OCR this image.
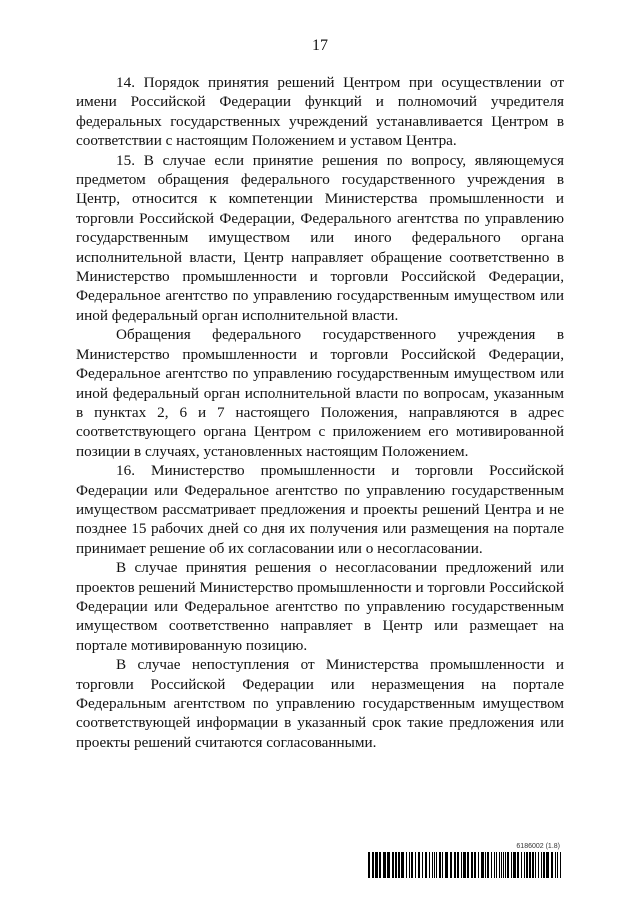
17

14. Порядок принятия решений Центром при осуществлении от имени Российской Федерации функций и полномочий учредителя федеральных государственных учреждений устанавливается Центром в соответствии с настоящим Положением и уставом Центра.

15. В случае если принятие решения по вопросу, являющемуся предметом обращения федерального государственного учреждения в Центр, относится к компетенции Министерства промышленности и торговли Российской Федерации, Федерального агентства по управлению государственным имуществом или иного федерального органа исполнительной власти, Центр направляет обращение соответственно в Министерство промышленности и торговли Российской Федерации, Федеральное агентство по управлению государственным имуществом или иной федеральный орган исполнительной власти.

Обращения федерального государственного учреждения в Министерство промышленности и торговли Российской Федерации, Федеральное агентство по управлению государственным имуществом или иной федеральный орган исполнительной власти по вопросам, указанным в пунктах 2, 6 и 7 настоящего Положения, направляются в адрес соответствующего органа Центром с приложением его мотивированной позиции в случаях, установленных настоящим Положением.

16. Министерство промышленности и торговли Российской Федерации или Федеральное агентство по управлению государственным имуществом рассматривает предложения и проекты решений Центра и не позднее 15 рабочих дней со дня их получения или размещения на портале принимает решение об их согласовании или о несогласовании.

В случае принятия решения о несогласовании предложений или проектов решений Министерство промышленности и торговли Российской Федерации или Федеральное агентство по управлению государственным имуществом соответственно направляет в Центр или размещает на портале мотивированную позицию.

В случае непоступления от Министерства промышленности и торговли Российской Федерации или неразмещения на портале Федеральным агентством по управлению государственным имуществом соответствующей информации в указанный срок такие предложения или проекты решений считаются согласованными.

6186002 (1.8)
